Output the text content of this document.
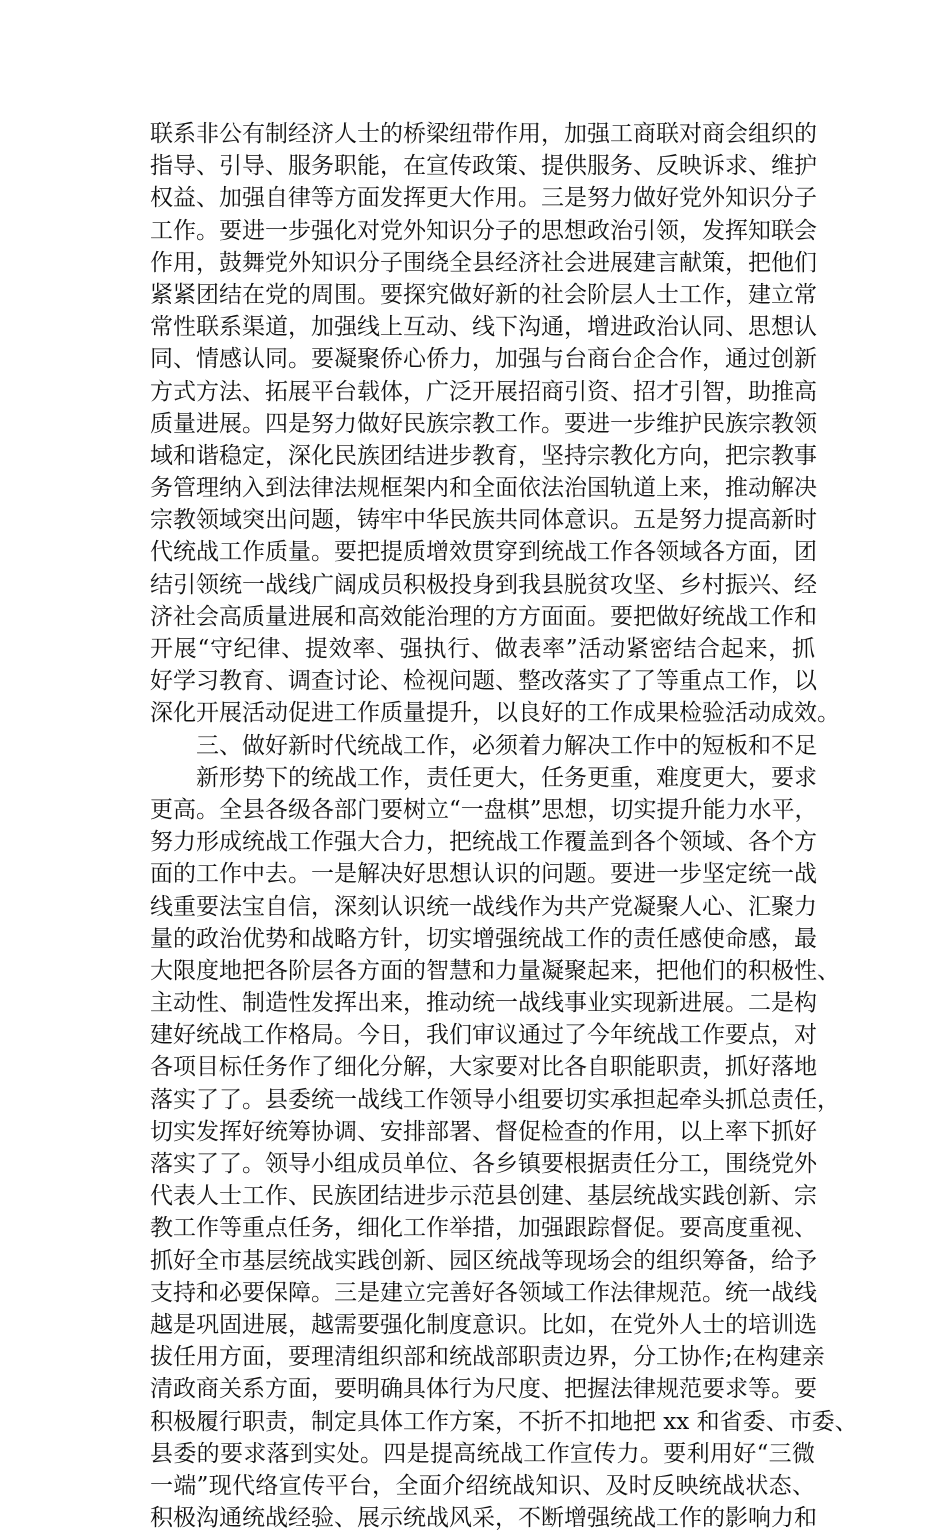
联系非公有制经济人士的桥梁纽带作用，加强工商联对商会组织的
指导、引导、服务职能，在宣传政策、提供服务、反映诉求、维护
权益、加强自律等方面发挥更大作用。三是努力做好党外知识分子
工作。要进一步强化对党外知识分子的思想政治引领，发挥知联会
作用，鼓舞党外知识分子围绕全县经济社会进展建言献策，把他们
紧紧团结在党的周围。要探究做好新的社会阶层人士工作，建立常
常性联系渠道，加强线上互动、线下沟通，增进政治认同、思想认
同、情感认同。要凝聚侨心侨力，加强与台商台企合作，通过创新
方式方法、拓展平台载体，广泛开展招商引资、招才引智，助推高
质量进展。四是努力做好民族宗教工作。要进一步维护民族宗教领
域和谐稳定，深化民族团结进步教育，坚持宗教化方向，把宗教事
务管理纳入到法律法规框架内和全面依法治国轨道上来，推动解决
宗教领域突出问题，铸牢中华民族共同体意识。五是努力提高新时
代统战工作质量。要把提质增效贯穿到统战工作各领域各方面，团
结引领统一战线广阔成员积极投身到我县脱贫攻坚、乡村振兴、经
济社会高质量进展和高效能治理的方方面面。要把做好统战工作和
开展“守纪律、提效率、强执行、做表率”活动紧密结合起来，抓
好学习教育、调查讨论、检视问题、整改落实了了等重点工作，以
深化开展活动促进工作质量提升，以良好的工作成果检验活动成效。
三、做好新时代统战工作，必须着力解决工作中的短板和不足
新形势下的统战工作，责任更大，任务更重，难度更大，要求
更高。全县各级各部门要树立“一盘棋”思想，切实提升能力水平，
努力形成统战工作强大合力，把统战工作覆盖到各个领域、各个方
面的工作中去。一是解决好思想认识的问题。要进一步坚定统一战
线重要法宝自信，深刻认识统一战线作为共产党凝聚人心、汇聚力
量的政治优势和战略方针，切实增强统战工作的责任感使命感，最
大限度地把各阶层各方面的智慧和力量凝聚起来，把他们的积极性、
主动性、制造性发挥出来，推动统一战线事业实现新进展。二是构
建好统战工作格局。今日，我们审议通过了今年统战工作要点，对
各项目标任务作了细化分解，大家要对比各自职能职责，抓好落地
落实了了。县委统一战线工作领导小组要切实承担起牵头抓总责任，
切实发挥好统筹协调、安排部署、督促检查的作用，以上率下抓好
落实了了。领导小组成员单位、各乡镇要根据责任分工，围绕党外
代表人士工作、民族团结进步示范县创建、基层统战实践创新、宗
教工作等重点任务，细化工作举措，加强跟踪督促。要高度重视、
抓好全市基层统战实践创新、园区统战等现场会的组织筹备，给予
支持和必要保障。三是建立完善好各领域工作法律规范。统一战线
越是巩固进展，越需要强化制度意识。比如，在党外人士的培训选
拔任用方面，要理清组织部和统战部职责边界，分工协作;在构建亲
清政商关系方面，要明确具体行为尺度、把握法律规范要求等。要
积极履行职责，制定具体工作方案，不折不扣地把 xx 和省委、市委、
县委的要求落到实处。四是提高统战工作宣传力。要利用好“三微
一端”现代络宣传平台，全面介绍统战知识、及时反映统战状态、
积极沟通统战经验、展示统战风采，不断增强统战工作的影响力和
